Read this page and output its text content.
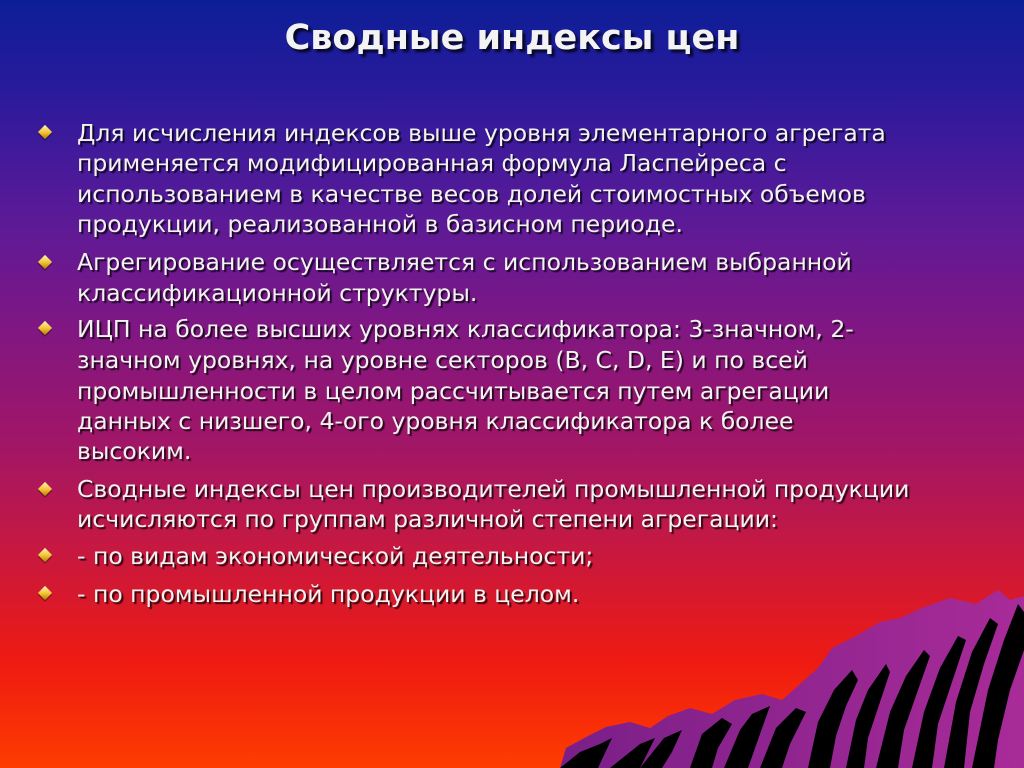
Сводные индексы цен
Для исчисления индексов выше уровня элементарного агрегата
применяется модифицированная формула Ласпейреса с
использованием в качестве весов долей стоимостных объемов
продукции, реализованной в базисном периоде.
Агрегирование осуществляется с использованием выбранной
классификационной структуры.
ИЦП на более высших уровнях классификатора: 3-значном, 2-
значном уровнях, на уровне секторов (B, C, D, E) и по всей
промышленности в целом рассчитывается путем агрегации
данных с низшего, 4-ого уровня классификатора к более
высоким.
Сводные индексы цен производителей промышленной продукции
исчисляются по группам различной степени агрегации:
- по видам экономической деятельности;
- по промышленной продукции в целом.
